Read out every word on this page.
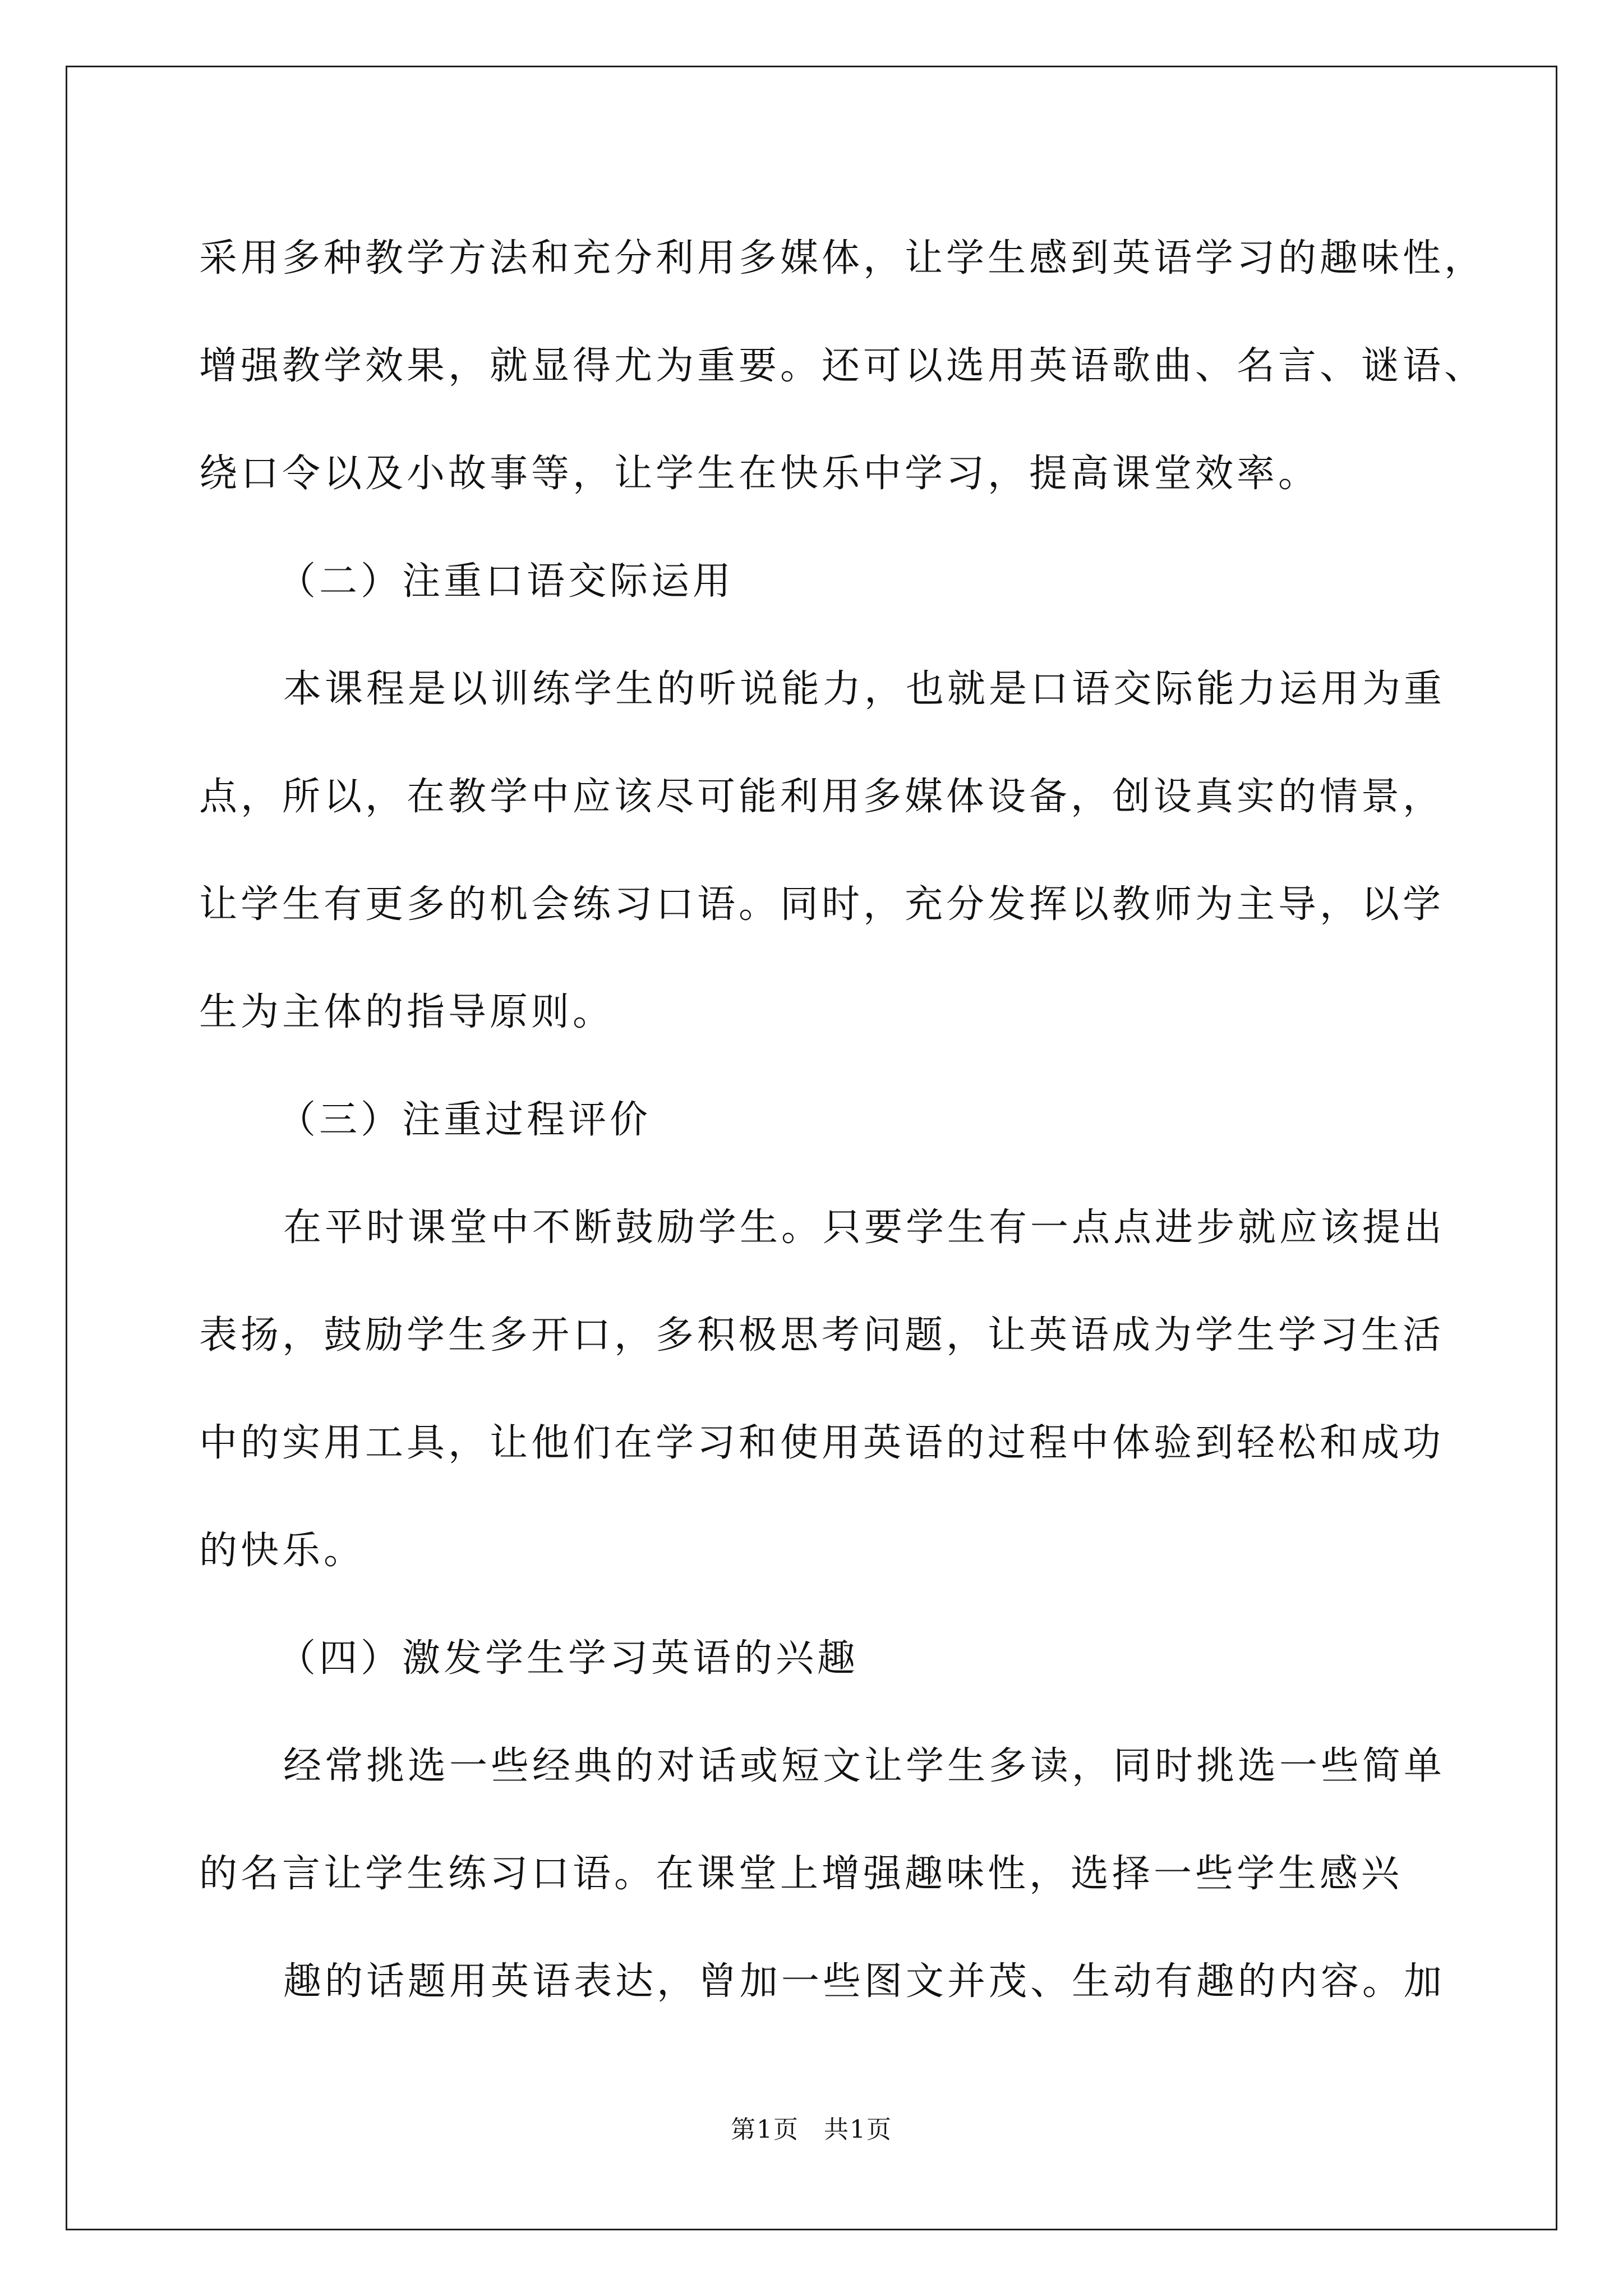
采用多种教学方法和充分利用多媒体，让学生感到英语学习的趣味性，
增强教学效果，就显得尤为重要。还可以选用英语歌曲、名言、谜语、
绕口令以及小故事等，让学生在快乐中学习，提高课堂效率。
（二）注重口语交际运用
本课程是以训练学生的听说能力，也就是口语交际能力运用为重
点，所以，在教学中应该尽可能利用多媒体设备，创设真实的情景，
让学生有更多的机会练习口语。同时，充分发挥以教师为主导，以学
生为主体的指导原则。
（三）注重过程评价
在平时课堂中不断鼓励学生。只要学生有一点点进步就应该提出
表扬，鼓励学生多开口，多积极思考问题，让英语成为学生学习生活
中的实用工具，让他们在学习和使用英语的过程中体验到轻松和成功
的快乐。
（四）激发学生学习英语的兴趣
经常挑选一些经典的对话或短文让学生多读，同时挑选一些简单
的名言让学生练习口语。在课堂上增强趣味性，选择一些学生感兴
趣的话题用英语表达，曾加一些图文并茂、生动有趣的内容。加
第1页 共1页
